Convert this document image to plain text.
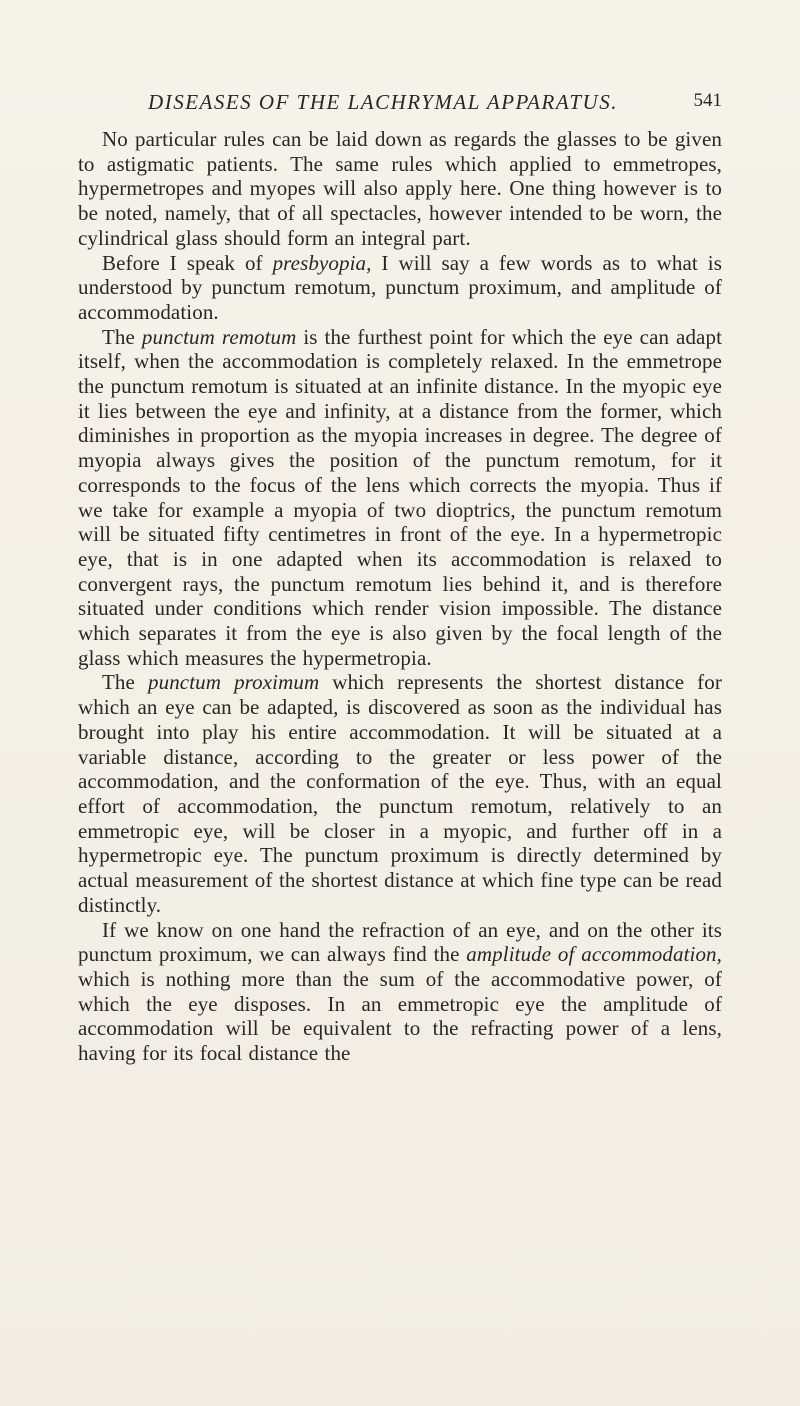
DISEASES OF THE LACHRYMAL APPARATUS.	541

No particular rules can be laid down as regards the glasses to be given to astigmatic patients. The same rules which applied to emmetropes, hypermetropes and myopes will also apply here. One thing however is to be noted, namely, that of all spectacles, however intended to be worn, the cylindrical glass should form an integral part.

Before I speak of presbyopia, I will say a few words as to what is understood by punctum remotum, punctum proximum, and amplitude of accommodation.

The punctum remotum is the furthest point for which the eye can adapt itself, when the accommodation is completely relaxed. In the emmetrope the punctum remotum is situated at an infinite distance. In the myopic eye it lies between the eye and infinity, at a distance from the former, which diminishes in proportion as the myopia increases in degree. The degree of myopia always gives the position of the punctum remotum, for it corresponds to the focus of the lens which corrects the myopia. Thus if we take for example a myopia of two dioptrics, the punctum remotum will be situated fifty centimetres in front of the eye. In a hypermetropic eye, that is in one adapted when its accommodation is relaxed to convergent rays, the punctum remotum lies behind it, and is therefore situated under conditions which render vision impossible. The distance which separates it from the eye is also given by the focal length of the glass which measures the hypermetropia.

The punctum proximum which represents the shortest distance for which an eye can be adapted, is discovered as soon as the individual has brought into play his entire accommodation. It will be situated at a variable distance, according to the greater or less power of the accommodation, and the conformation of the eye. Thus, with an equal effort of accommodation, the punctum remotum, relatively to an emmetropic eye, will be closer in a myopic, and further off in a hypermetropic eye. The punctum proximum is directly determined by actual measurement of the shortest distance at which fine type can be read distinctly.

If we know on one hand the refraction of an eye, and on the other its punctum proximum, we can always find the amplitude of accommodation, which is nothing more than the sum of the accommodative power, of which the eye disposes. In an emmetropic eye the amplitude of accommodation will be equivalent to the refracting power of a lens, having for its focal distance the
